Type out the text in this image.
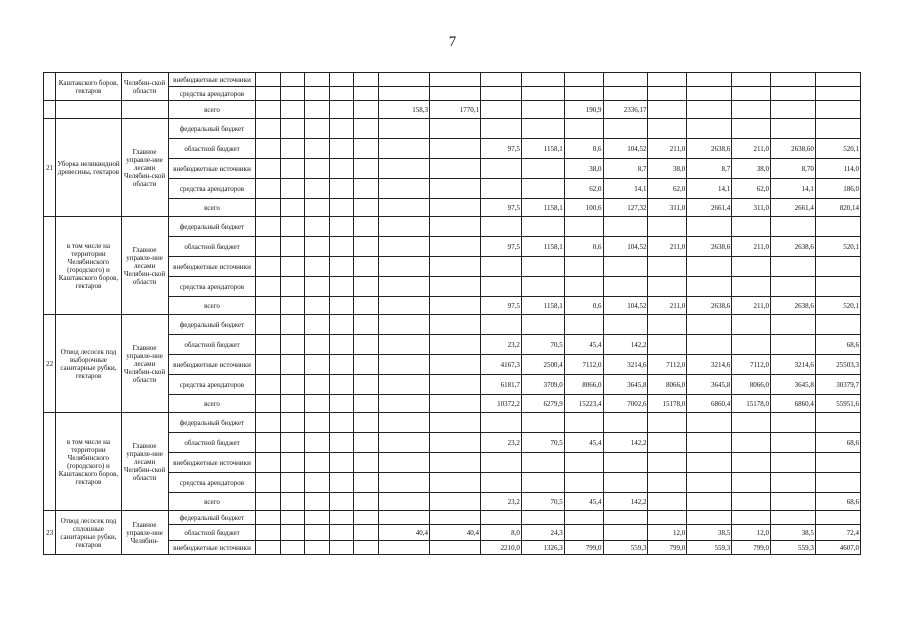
7
	Каштакского боров, гектаров	Челябин-ской области	внебюджетные источники																
			средства арендаторов																
			всего						158,3	1770,1			190,9	2336,17					
21	Уборка неликвидной древесины, гектаров	Главное управле-ние лесами Челябин-ской области	федеральный бюджет																
			областной бюджет								97,5	1158,1	0,6	104,52	211,0	2638,6	211,0	2638,60	520,1
			внебюджетные источники										38,0	8,7	38,0	8,7	38,0	8,70	114,0
			средства арендаторов										62,0	14,1	62,0	14,1	62,0	14,1	186,0
			всего								97,5	1158,1	100,6	127,32	311,0	2661,4	311,0	2661,4	820,14
	в том числе на территории Челябинского (городского) и Каштакского боров, гектаров	Главное управле-ние лесами Челябин-ской области	федеральный бюджет																
			областной бюджет								97,5	1158,1	0,6	104,52	211,0	2638,6	211,0	2638,6	520,1
			внебюджетные источники																
			средства арендаторов																
			всего								97,5	1158,1	0,6	104,52	211,0	2638,6	211,0	2638,6	520,1
22	Отвод лесосек под выборочные санитарные рубки, гектаров	Главное управле-ние лесами Челябин-ской области	федеральный бюджет																
			областной бюджет								23,2	70,5	45,4	142,2					68,6
			внебюджетные источники								4167,3	2500,4	7112,0	3214,6	7112,0	3214,6	7112,0	3214,6	25503,3
			средства арендаторов								6181,7	3709,0	8066,0	3645,8	8066,0	3645,8	8066,0	3645,8	30379,7
			всего								10372,2	6279,9	15223,4	7002,6	15178,0	6860,4	15178,0	6860,4	55951,6
	в том числе на территории Челябинского (городского) и Каштакского боров, гектаров	Главное управле-ние лесами Челябин-ской области	федеральный бюджет																
			областной бюджет								23,2	70,5	45,4	142,2					68,6
			внебюджетные источники																
			средства арендаторов																
			всего								23,2	70,5	45,4	142,2					68,6
23	Отвод лесосек под сплошные санитарные рубки, гектаров	Главное управле-ние Челябин-	федеральный бюджет																
			областной бюджет						40,4	40,4	8,0	24,3			12,0	38,5	12,0	38,5	72,4
			внебюджетные источники								2210,0	1326,3	799,0	559,3	799,0	559,3	799,0	559,3	4607,0
